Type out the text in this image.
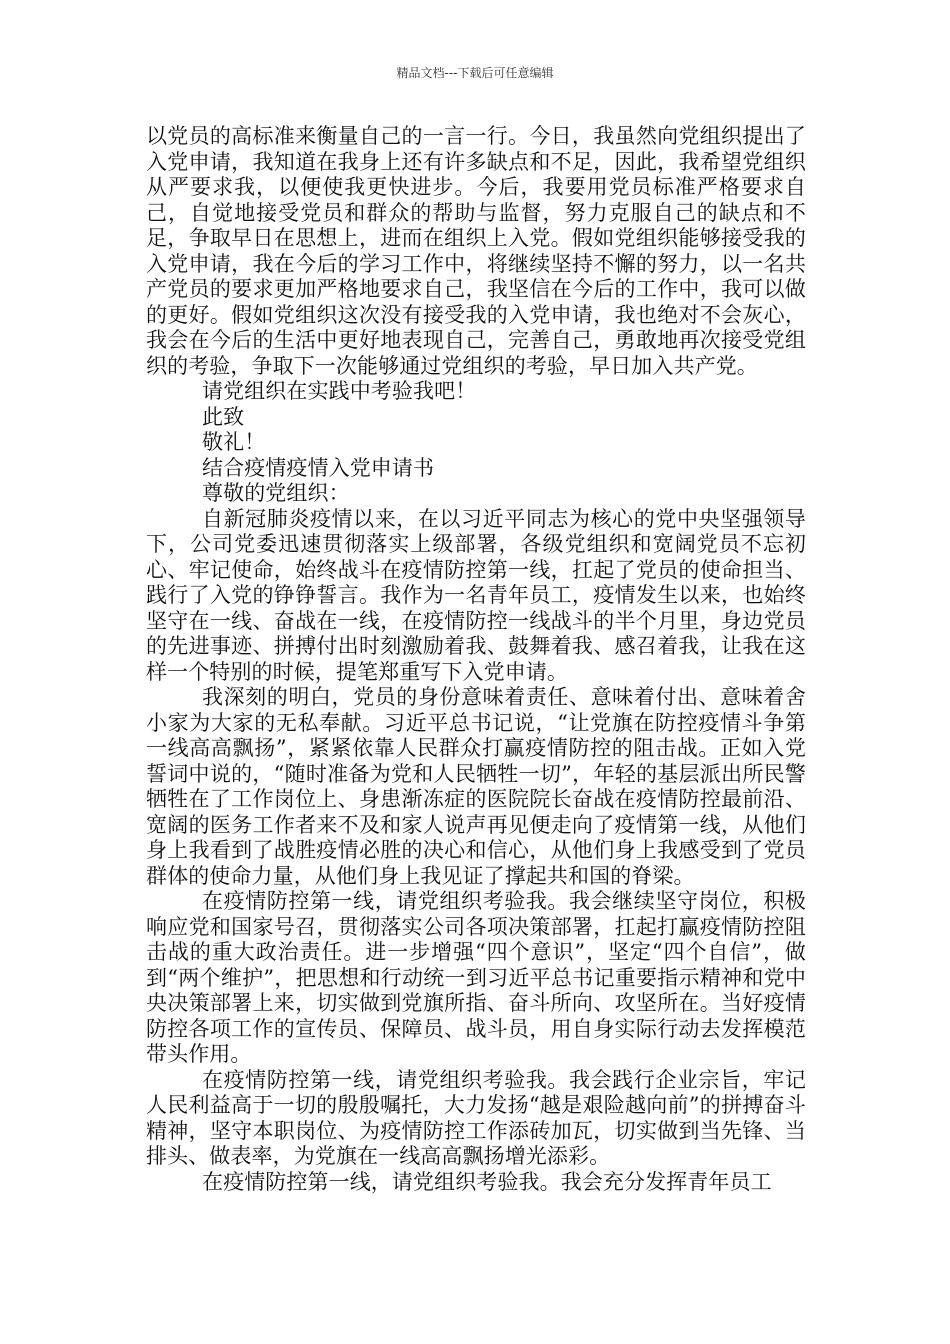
精品文档---下载后可任意编辑

以党员的高标准来衡量自己的一言一行。今日，我虽然向党组织提出了入党申请，我知道在我身上还有许多缺点和不足，因此，我希望党组织从严要求我，以便使我更快进步。今后，我要用党员标准严格要求自己，自觉地接受党员和群众的帮助与监督，努力克服自己的缺点和不足，争取早日在思想上，进而在组织上入党。假如党组织能够接受我的入党申请，我在今后的学习工作中，将继续坚持不懈的努力，以一名共产党员的要求更加严格地要求自己，我坚信在今后的工作中，我可以做的更好。假如党组织这次没有接受我的入党申请，我也绝对不会灰心，我会在今后的生活中更好地表现自己，完善自己，勇敢地再次接受党组织的考验，争取下一次能够通过党组织的考验，早日加入共产党。

请党组织在实践中考验我吧！

此致

敬礼！

结合疫情疫情入党申请书

尊敬的党组织：

自新冠肺炎疫情以来，在以习近平同志为核心的党中央坚强领导下，公司党委迅速贯彻落实上级部署，各级党组织和宽阔党员不忘初心、牢记使命，始终战斗在疫情防控第一线，扛起了党员的使命担当、践行了入党的铮铮誓言。我作为一名青年员工，疫情发生以来，也始终坚守在一线、奋战在一线，在疫情防控一线战斗的半个月里，身边党员的先进事迹、拼搏付出时刻激励着我、鼓舞着我、感召着我，让我在这样一个特别的时候，提笔郑重写下入党申请。

我深刻的明白，党员的身份意味着责任、意味着付出、意味着舍小家为大家的无私奉献。习近平总书记说，“让党旗在防控疫情斗争第一线高高飘扬”，紧紧依靠人民群众打赢疫情防控的阻击战。正如入党誓词中说的，“随时准备为党和人民牺牲一切”，年轻的基层派出所民警牺牲在了工作岗位上、身患渐冻症的医院院长奋战在疫情防控最前沿、宽阔的医务工作者来不及和家人说声再见便走向了疫情第一线，从他们身上我看到了战胜疫情必胜的决心和信心，从他们身上我感受到了党员群体的使命力量，从他们身上我见证了撑起共和国的脊梁。

在疫情防控第一线，请党组织考验我。我会继续坚守岗位，积极响应党和国家号召，贯彻落实公司各项决策部署，扛起打赢疫情防控阻击战的重大政治责任。进一步增强“四个意识”，坚定“四个自信”，做到“两个维护”，把思想和行动统一到习近平总书记重要指示精神和党中央决策部署上来，切实做到党旗所指、奋斗所向、攻坚所在。当好疫情防控各项工作的宣传员、保障员、战斗员，用自身实际行动去发挥模范带头作用。

在疫情防控第一线，请党组织考验我。我会践行企业宗旨，牢记人民利益高于一切的殷殷嘱托，大力发扬“越是艰险越向前”的拼搏奋斗精神，坚守本职岗位、为疫情防控工作添砖加瓦，切实做到当先锋、当排头、做表率，为党旗在一线高高飘扬增光添彩。

在疫情防控第一线，请党组织考验我。我会充分发挥青年员工
